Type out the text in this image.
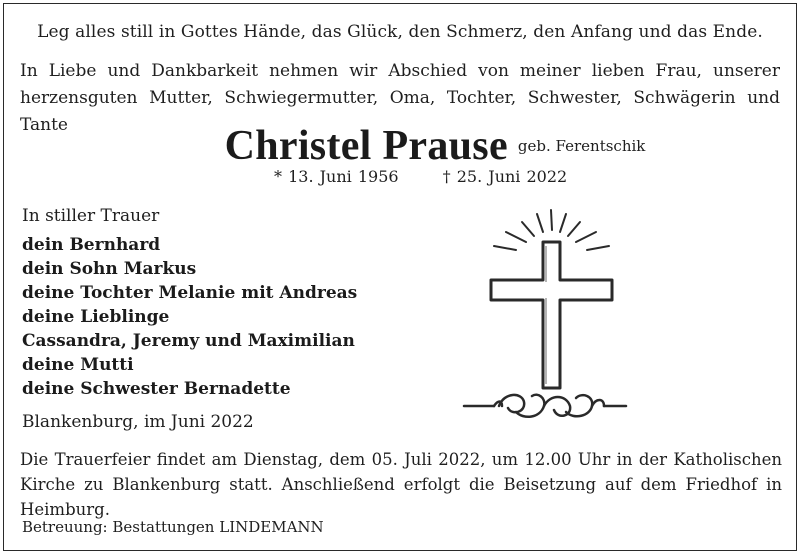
Leg alles still in Gottes Hände, das Glück, den Schmerz, den Anfang und das Ende.
In Liebe und Dankbarkeit nehmen wir Abschied von meiner lieben Frau, unserer
herzensguten Mutter, Schwiegermutter, Oma, Tochter, Schwester, Schwägerin und Tante	Christel Prause geb. Ferentschik
* 13. Juni 1956	† 25. Juni 2022
In stiller Trauer
dein Bernhard
dein Sohn Markus
deine Tochter Melanie mit Andreas
deine Lieblinge
Cassandra, Jeremy und Maximilian
deine Mutti
deine Schwester Bernadette
Blankenburg, im Juni 2022
Die Trauerfeier findet am Dienstag, dem 05. Juli 2022, um 12.00 Uhr in der Katholischen Kirche zu Blankenburg statt. Anschließend erfolgt die Beisetzung auf dem Friedhof in Heimburg.
Betreuung: Bestattungen LINDEMANN
